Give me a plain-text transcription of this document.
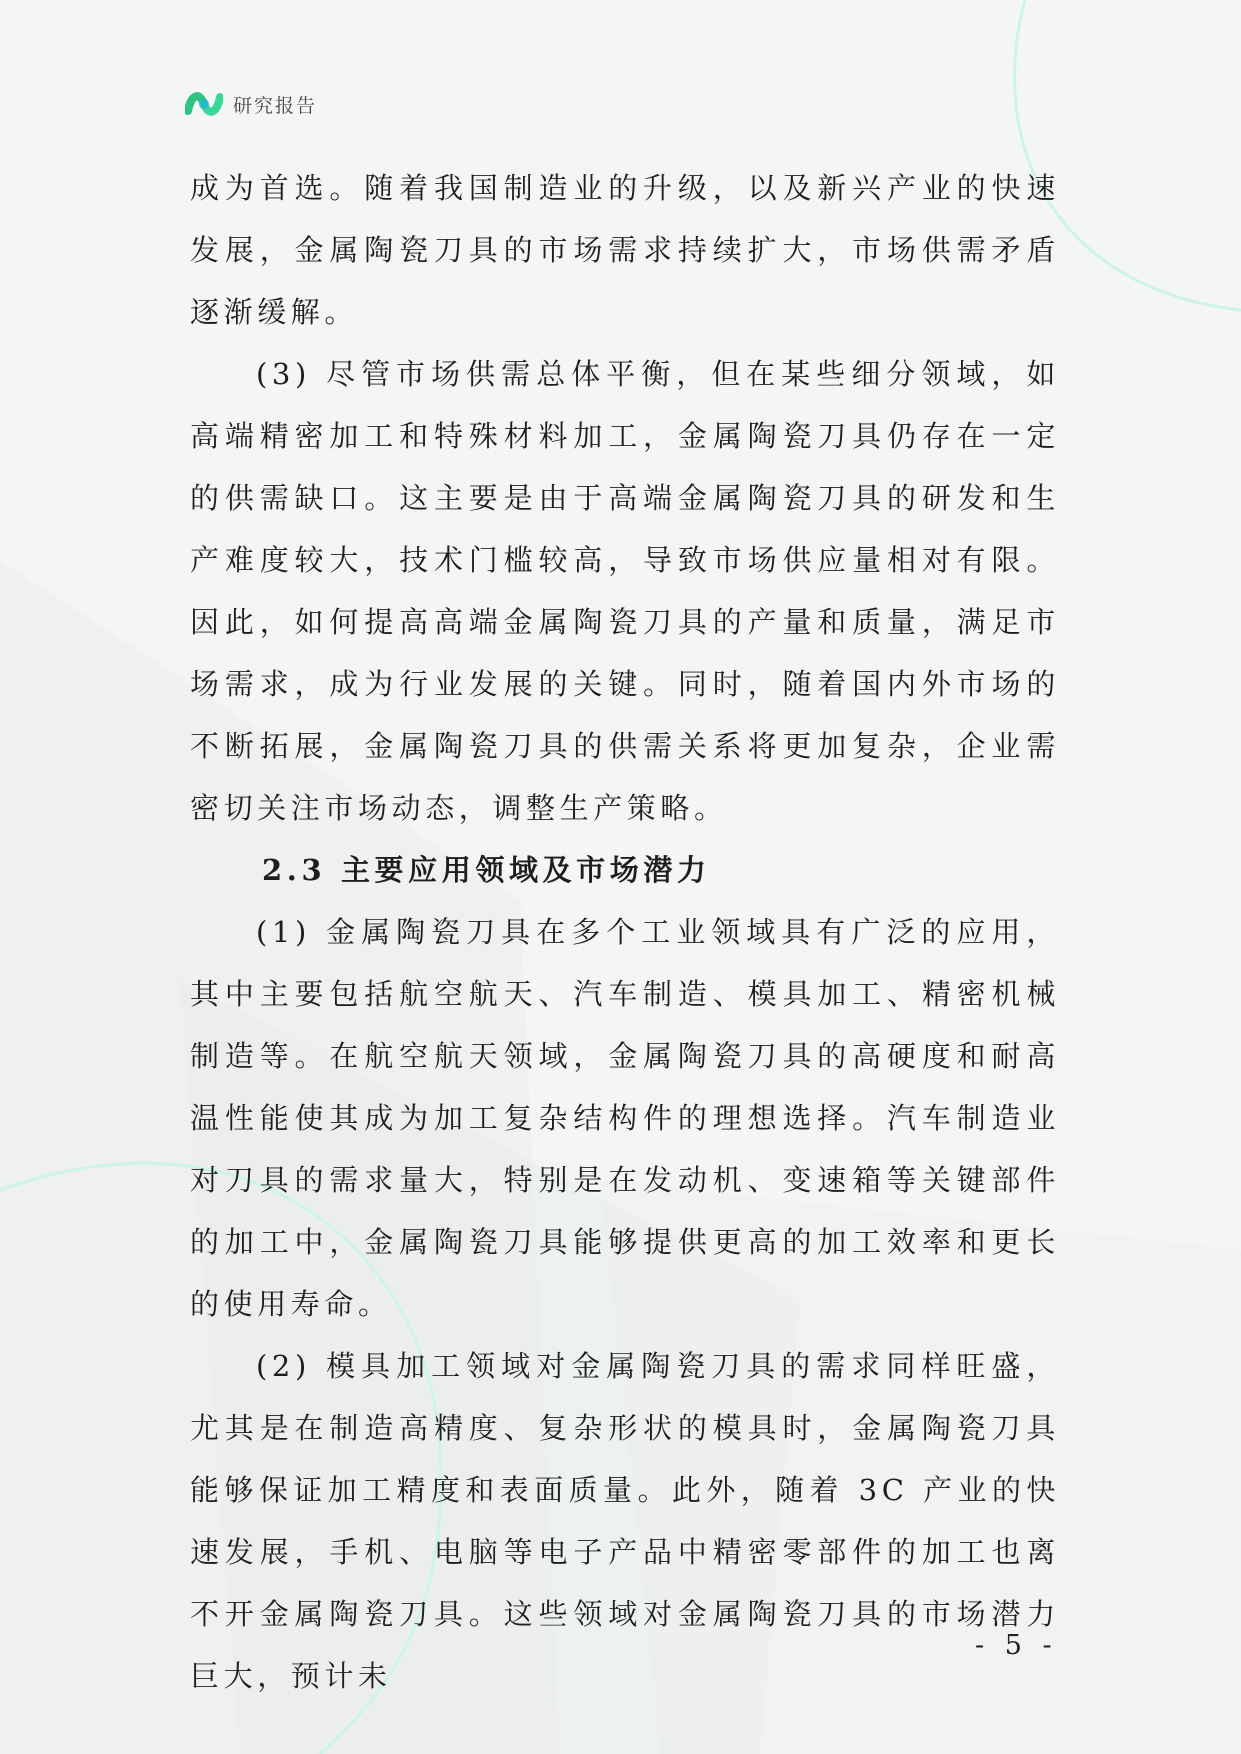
研究报告

成为首选。随着我国制造业的升级，以及新兴产业的快速发展，金属陶瓷刀具的市场需求持续扩大，市场供需矛盾逐渐缓解。

(3) 尽管市场供需总体平衡，但在某些细分领域，如高端精密加工和特殊材料加工，金属陶瓷刀具仍存在一定的供需缺口。这主要是由于高端金属陶瓷刀具的研发和生产难度较大，技术门槛较高，导致市场供应量相对有限。因此，如何提高高端金属陶瓷刀具的产量和质量，满足市场需求，成为行业发展的关键。同时，随着国内外市场的不断拓展，金属陶瓷刀具的供需关系将更加复杂，企业需密切关注市场动态，调整生产策略。

2.3 主要应用领域及市场潜力

(1) 金属陶瓷刀具在多个工业领域具有广泛的应用，其中主要包括航空航天、汽车制造、模具加工、精密机械制造等。在航空航天领域，金属陶瓷刀具的高硬度和耐高温性能使其成为加工复杂结构件的理想选择。汽车制造业对刀具的需求量大，特别是在发动机、变速箱等关键部件的加工中，金属陶瓷刀具能够提供更高的加工效率和更长的使用寿命。

(2) 模具加工领域对金属陶瓷刀具的需求同样旺盛，尤其是在制造高精度、复杂形状的模具时，金属陶瓷刀具能够保证加工精度和表面质量。此外，随着 3C 产业的快速发展，手机、电脑等电子产品中精密零部件的加工也离不开金属陶瓷刀具。这些领域对金属陶瓷刀具的市场潜力巨大，预计未

- 5 -
